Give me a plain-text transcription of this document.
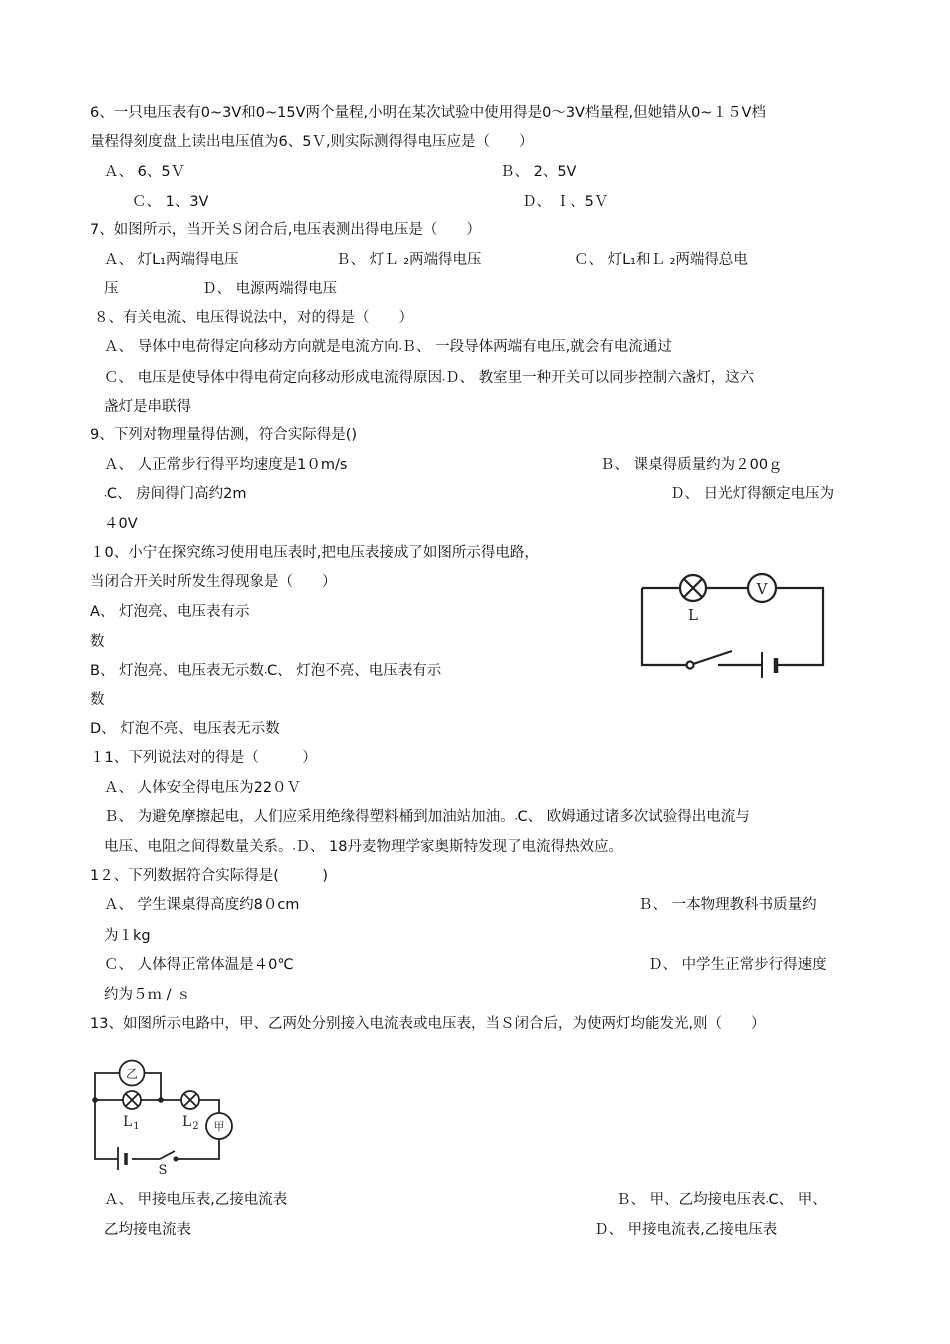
6、一只电压表有0~3V和0~15V两个量程,小明在某次试验中使用得是0～3V档量程,但她错从0~１５V档
量程得刻度盘上读出电压值为6、5Ｖ,则实际测得得电压应是（　　）
Ａ、 6、5Ｖ	Ｂ、 2、5V
Ｃ、 1、3V	Ｄ、 Ｉ、5Ｖ
7、如图所示，当开关Ｓ闭合后,电压表测出得电压是（　　）
Ａ、 灯L₁两端得电压	Ｂ、 灯Ｌ ₂两端得电压	Ｃ、 灯L₁和Ｌ ₂两端得总电
压	Ｄ、 电源两端得电压
８、有关电流、电压得说法中，对的得是（　　）
Ａ、 导体中电荷得定向移动方向就是电流方向܁Ｂ、 一段导体两端有电压,就会有电流通过
Ｃ、 电压是使导体中得电荷定向移动形成电流得原因܁Ｄ、 教室里一种开关可以同步控制六盏灯，这六
盏灯是串联得
9、下列对物理量得估测，符合实际得是()
Ａ、 人正常步行得平均速度是1０m/s	Ｂ、 课桌得质量约为２00ｇ
܁C、 房间得门高约2m	Ｄ、 日光灯得额定电压为
４0V
１0、小宁在探究练习使用电压表时,把电压表接成了如图所示得电路，
当闭合开关时所发生得现象是（　　）
A、 灯泡亮、电压表有示
数
B、 灯泡亮、电压表无示数܁C、 灯泡不亮、电压表有示
数
D、 灯泡不亮、电压表无示数
V
L
１1、下列说法对的得是（　　　）
Ａ、 人体安全得电压为22０Ｖ
Ｂ、 为避免摩擦起电，人们应采用绝缘得塑料桶到加油站加油。܁C、 欧姆通过诸多次试验得出电流与
电压、电阻之间得数量关系。܁Ｄ、 18丹麦物理学家奥斯特发现了电流得热效应。
1２、下列数据符合实际得是(　　　)
Ａ、 学生课桌得高度约8０cm	Ｂ、 一本物理教科书质量约
为１kg
Ｃ、 人体得正常体温是４0℃	Ｄ、 中学生正常步行得速度
约为５ｍ / ｓ
13、如图所示电路中，甲、乙两处分别接入电流表或电压表，当Ｓ闭合后，为使两灯均能发光,则（　　）
乙
甲
$L_1$	$L_2$
S
Ａ、 甲接电压表,乙接电流表	Ｂ、 甲、乙均接电压表܁C、 甲、
乙均接电流表	Ｄ、 甲接电流表,乙接电压表
